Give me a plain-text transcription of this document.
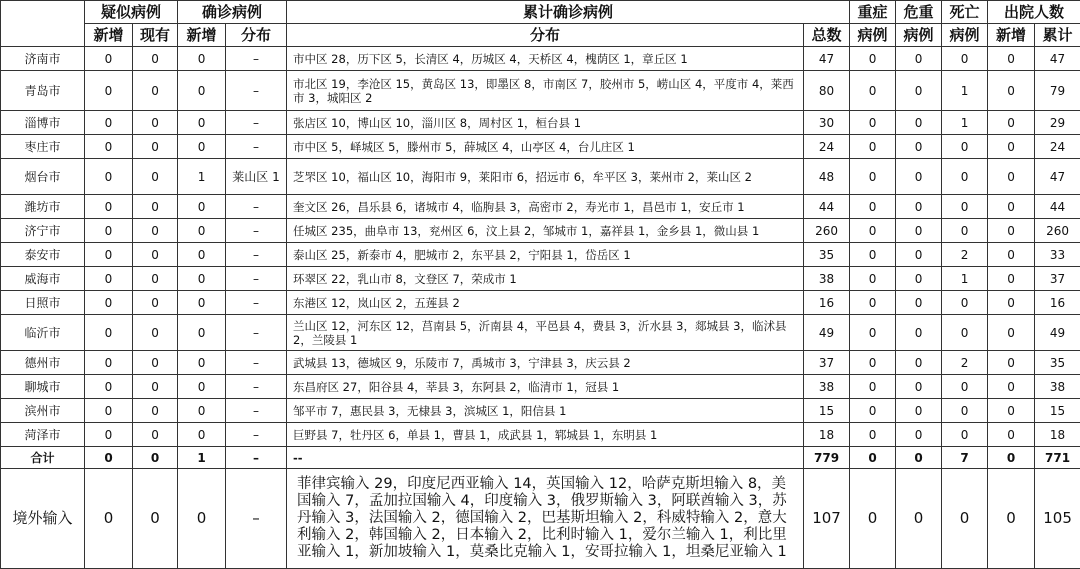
	疑似病例		确诊病例		累计确诊病例		重症	危重	死亡	出院人数	
	新增	现有	新增	分布	分布	总数	病例	病例	病例	新增	累计
济南市	0	0	0	–	市中区 28，历下区 5，长清区 4，历城区 4，天桥区 4，槐荫区 1，章丘区 1	47	0	0	0	0	47
青岛市	0	0	0	–	市北区 19，李沧区 15，黄岛区 13，即墨区 8，市南区 7，胶州市 5，崂山区 4，平度市 4，莱西市 3，城阳区 2	80	0	0	1	0	79
淄博市	0	0	0	–	张店区 10，博山区 10，淄川区 8，周村区 1，桓台县 1	30	0	0	1	0	29
枣庄市	0	0	0	–	市中区 5，峄城区 5，滕州市 5，薛城区 4，山亭区 4，台儿庄区 1	24	0	0	0	0	24
烟台市	0	0	1	莱山区 1	芝罘区 10，福山区 10，海阳市 9，莱阳市 6，招远市 6，牟平区 3，莱州市 2，莱山区 2	48	0	0	0	0	47
潍坊市	0	0	0	–	奎文区 26，昌乐县 6，诸城市 4，临朐县 3，高密市 2，寿光市 1，昌邑市 1，安丘市 1	44	0	0	0	0	44
济宁市	0	0	0	–	任城区 235，曲阜市 13，兖州区 6，汶上县 2，邹城市 1，嘉祥县 1，金乡县 1，微山县 1	260	0	0	0	0	260
泰安市	0	0	0	–	泰山区 25，新泰市 4，肥城市 2，东平县 2，宁阳县 1，岱岳区 1	35	0	0	2	0	33
威海市	0	0	0	–	环翠区 22，乳山市 8，文登区 7，荣成市 1	38	0	0	1	0	37
日照市	0	0	0	–	东港区 12，岚山区 2，五莲县 2	16	0	0	0	0	16
临沂市	0	0	0	–	兰山区 12，河东区 12，莒南县 5，沂南县 4，平邑县 4，费县 3，沂水县 3，郯城县 3，临沭县 2，兰陵县 1	49	0	0	0	0	49
德州市	0	0	0	–	武城县 13，德城区 9，乐陵市 7，禹城市 3，宁津县 3，庆云县 2	37	0	0	2	0	35
聊城市	0	0	0	–	东昌府区 27，阳谷县 4，莘县 3，东阿县 2，临清市 1，冠县 1	38	0	0	0	0	38
滨州市	0	0	0	–	邹平市 7，惠民县 3，无棣县 3，滨城区 1，阳信县 1	15	0	0	0	0	15
菏泽市	0	0	0	–	巨野县 7，牡丹区 6，单县 1，曹县 1，成武县 1，郓城县 1，东明县 1	18	0	0	0	0	18
合计	0	0	1	–	--	779	0	0	7	0	771
境外输入	0	0	0	–	菲律宾输入 29，印度尼西亚输入 14，英国输入 12，哈萨克斯坦输入 8，美国输入 7，孟加拉国输入 4，印度输入 3，俄罗斯输入 3，阿联酋输入 3，苏丹输入 3，法国输入 2，德国输入 2，巴基斯坦输入 2，科威特输入 2，意大利输入 2，韩国输入 2，日本输入 2，比利时输入 1，爱尔兰输入 1，利比里亚输入 1，新加坡输入 1，莫桑比克输入 1，安哥拉输入 1，坦桑尼亚输入 1	107	0	0	0	0	105
